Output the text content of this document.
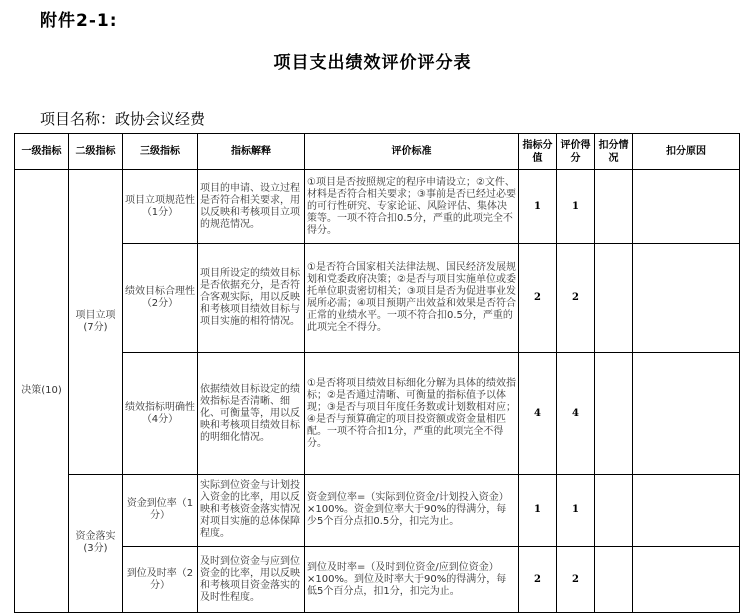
附件2-1:
项目支出绩效评价评分表
项目名称：政协会议经费
一级指标	二级指标	三级指标	指标解释	评价标准	指标分值	评价得分	扣分情况	扣分原因
决策(10)	项目立项(7分)	项目立项规范性（1分）	项目的申请、设立过程是否符合相关要求，用以反映和考核项目立项的规范情况。	①项目是否按照规定的程序申请设立；②文件、材料是否符合相关要求；③事前是否已经过必要的可行性研究、专家论证、风险评估、集体决策等。一项不符合扣0.5分，严重的此项完全不得分。	1	1		
		绩效目标合理性（2分）	项目所设定的绩效目标是否依据充分，是否符合客观实际，用以反映和考核项目绩效目标与项目实施的相符情况。	①是否符合国家相关法律法规、国民经济发展规划和党委政府决策；②是否与项目实施单位或委托单位职责密切相关；③项目是否为促进事业发展所必需；④项目预期产出效益和效果是否符合正常的业绩水平。一项不符合扣0.5分，严重的此项完全不得分。	2	2		
		绩效指标明确性（4分）	依据绩效目标设定的绩效指标是否清晰、细化、可衡量等，用以反映和考核项目绩效目标的明细化情况。	①是否将项目绩效目标细化分解为具体的绩效指标；②是否通过清晰、可衡量的指标值予以体现；③是否与项目年度任务数或计划数相对应；④是否与预算确定的项目投资额或资金量相匹配。一项不符合扣1分，严重的此项完全不得分。	4	4		
	资金落实(3分)	资金到位率（1分）	实际到位资金与计划投入资金的比率，用以反映和考核资金落实情况对项目实施的总体保障程度。	资金到位率=（实际到位资金/计划投入资金）×100%。资金到位率大于90%的得满分，每少5个百分点扣0.5分，扣完为止。	1	1		
		到位及时率（2分）	及时到位资金与应到位资金的比率，用以反映和考核项目资金落实的及时性程度。	到位及时率=（及时到位资金/应到位资金）×100%。到位及时率大于90%的得满分，每低5个百分点，扣1分，扣完为止。	2	2		
